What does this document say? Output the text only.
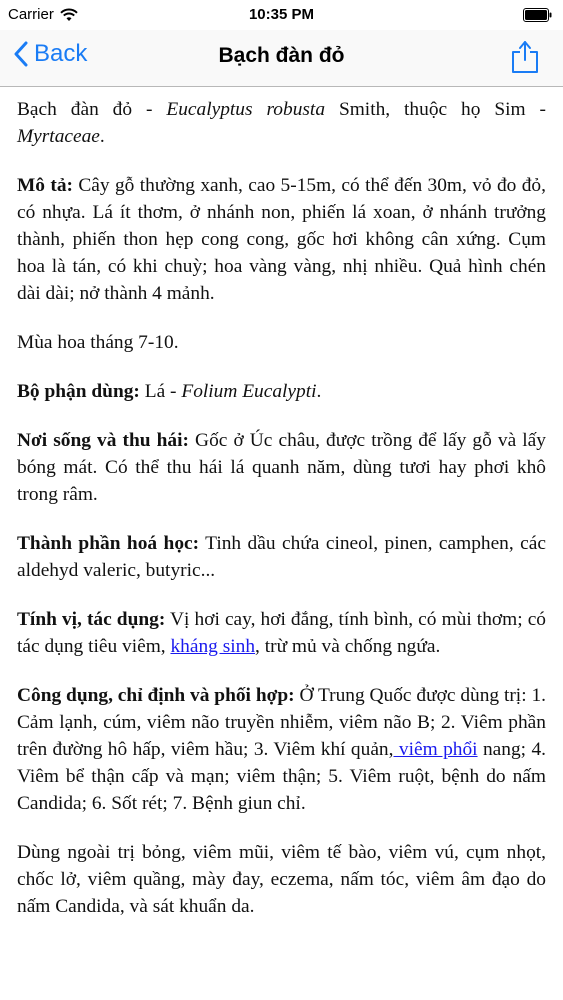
Carrier	10:35 PM
Back	Bạch đàn đỏ

Bạch đàn đỏ - Eucalyptus robusta Smith, thuộc họ Sim - Myrtaceae.

Mô tả: Cây gỗ thường xanh, cao 5-15m, có thể đến 30m, vỏ đo đỏ, có nhựa. Lá ít thơm, ở nhánh non, phiến lá xoan, ở nhánh trưởng thành, phiến thon hẹp cong cong, gốc hơi không cân xứng. Cụm hoa là tán, có khi chuỳ; hoa vàng vàng, nhị nhiều. Quả hình chén dài dài; nở thành 4 mảnh.

Mùa hoa tháng 7-10.

Bộ phận dùng: Lá - Folium Eucalypti.

Nơi sống và thu hái: Gốc ở Úc châu, được trồng để lấy gỗ và lấy bóng mát. Có thể thu hái lá quanh năm, dùng tươi hay phơi khô trong râm.

Thành phần hoá học: Tinh dầu chứa cineol, pinen, camphen, các aldehyd valeric, butyric...

Tính vị, tác dụng: Vị hơi cay, hơi đắng, tính bình, có mùi thơm; có tác dụng tiêu viêm, kháng sinh, trừ mủ và chống ngứa.

Công dụng, chỉ định và phối hợp: Ở Trung Quốc được dùng trị: 1. Cảm lạnh, cúm, viêm não truyền nhiễm, viêm não B; 2. Viêm phần trên đường hô hấp, viêm hầu; 3. Viêm khí quản, viêm phổi nang; 4. Viêm bể thận cấp và mạn; viêm thận; 5. Viêm ruột, bệnh do nấm Candida; 6. Sốt rét; 7. Bệnh giun chỉ.

Dùng ngoài trị bỏng, viêm mũi, viêm tế bào, viêm vú, cụm nhọt, chốc lở, viêm quầng, mày đay, eczema, nấm tóc, viêm âm đạo do nấm Candida, và sát khuẩn da.
